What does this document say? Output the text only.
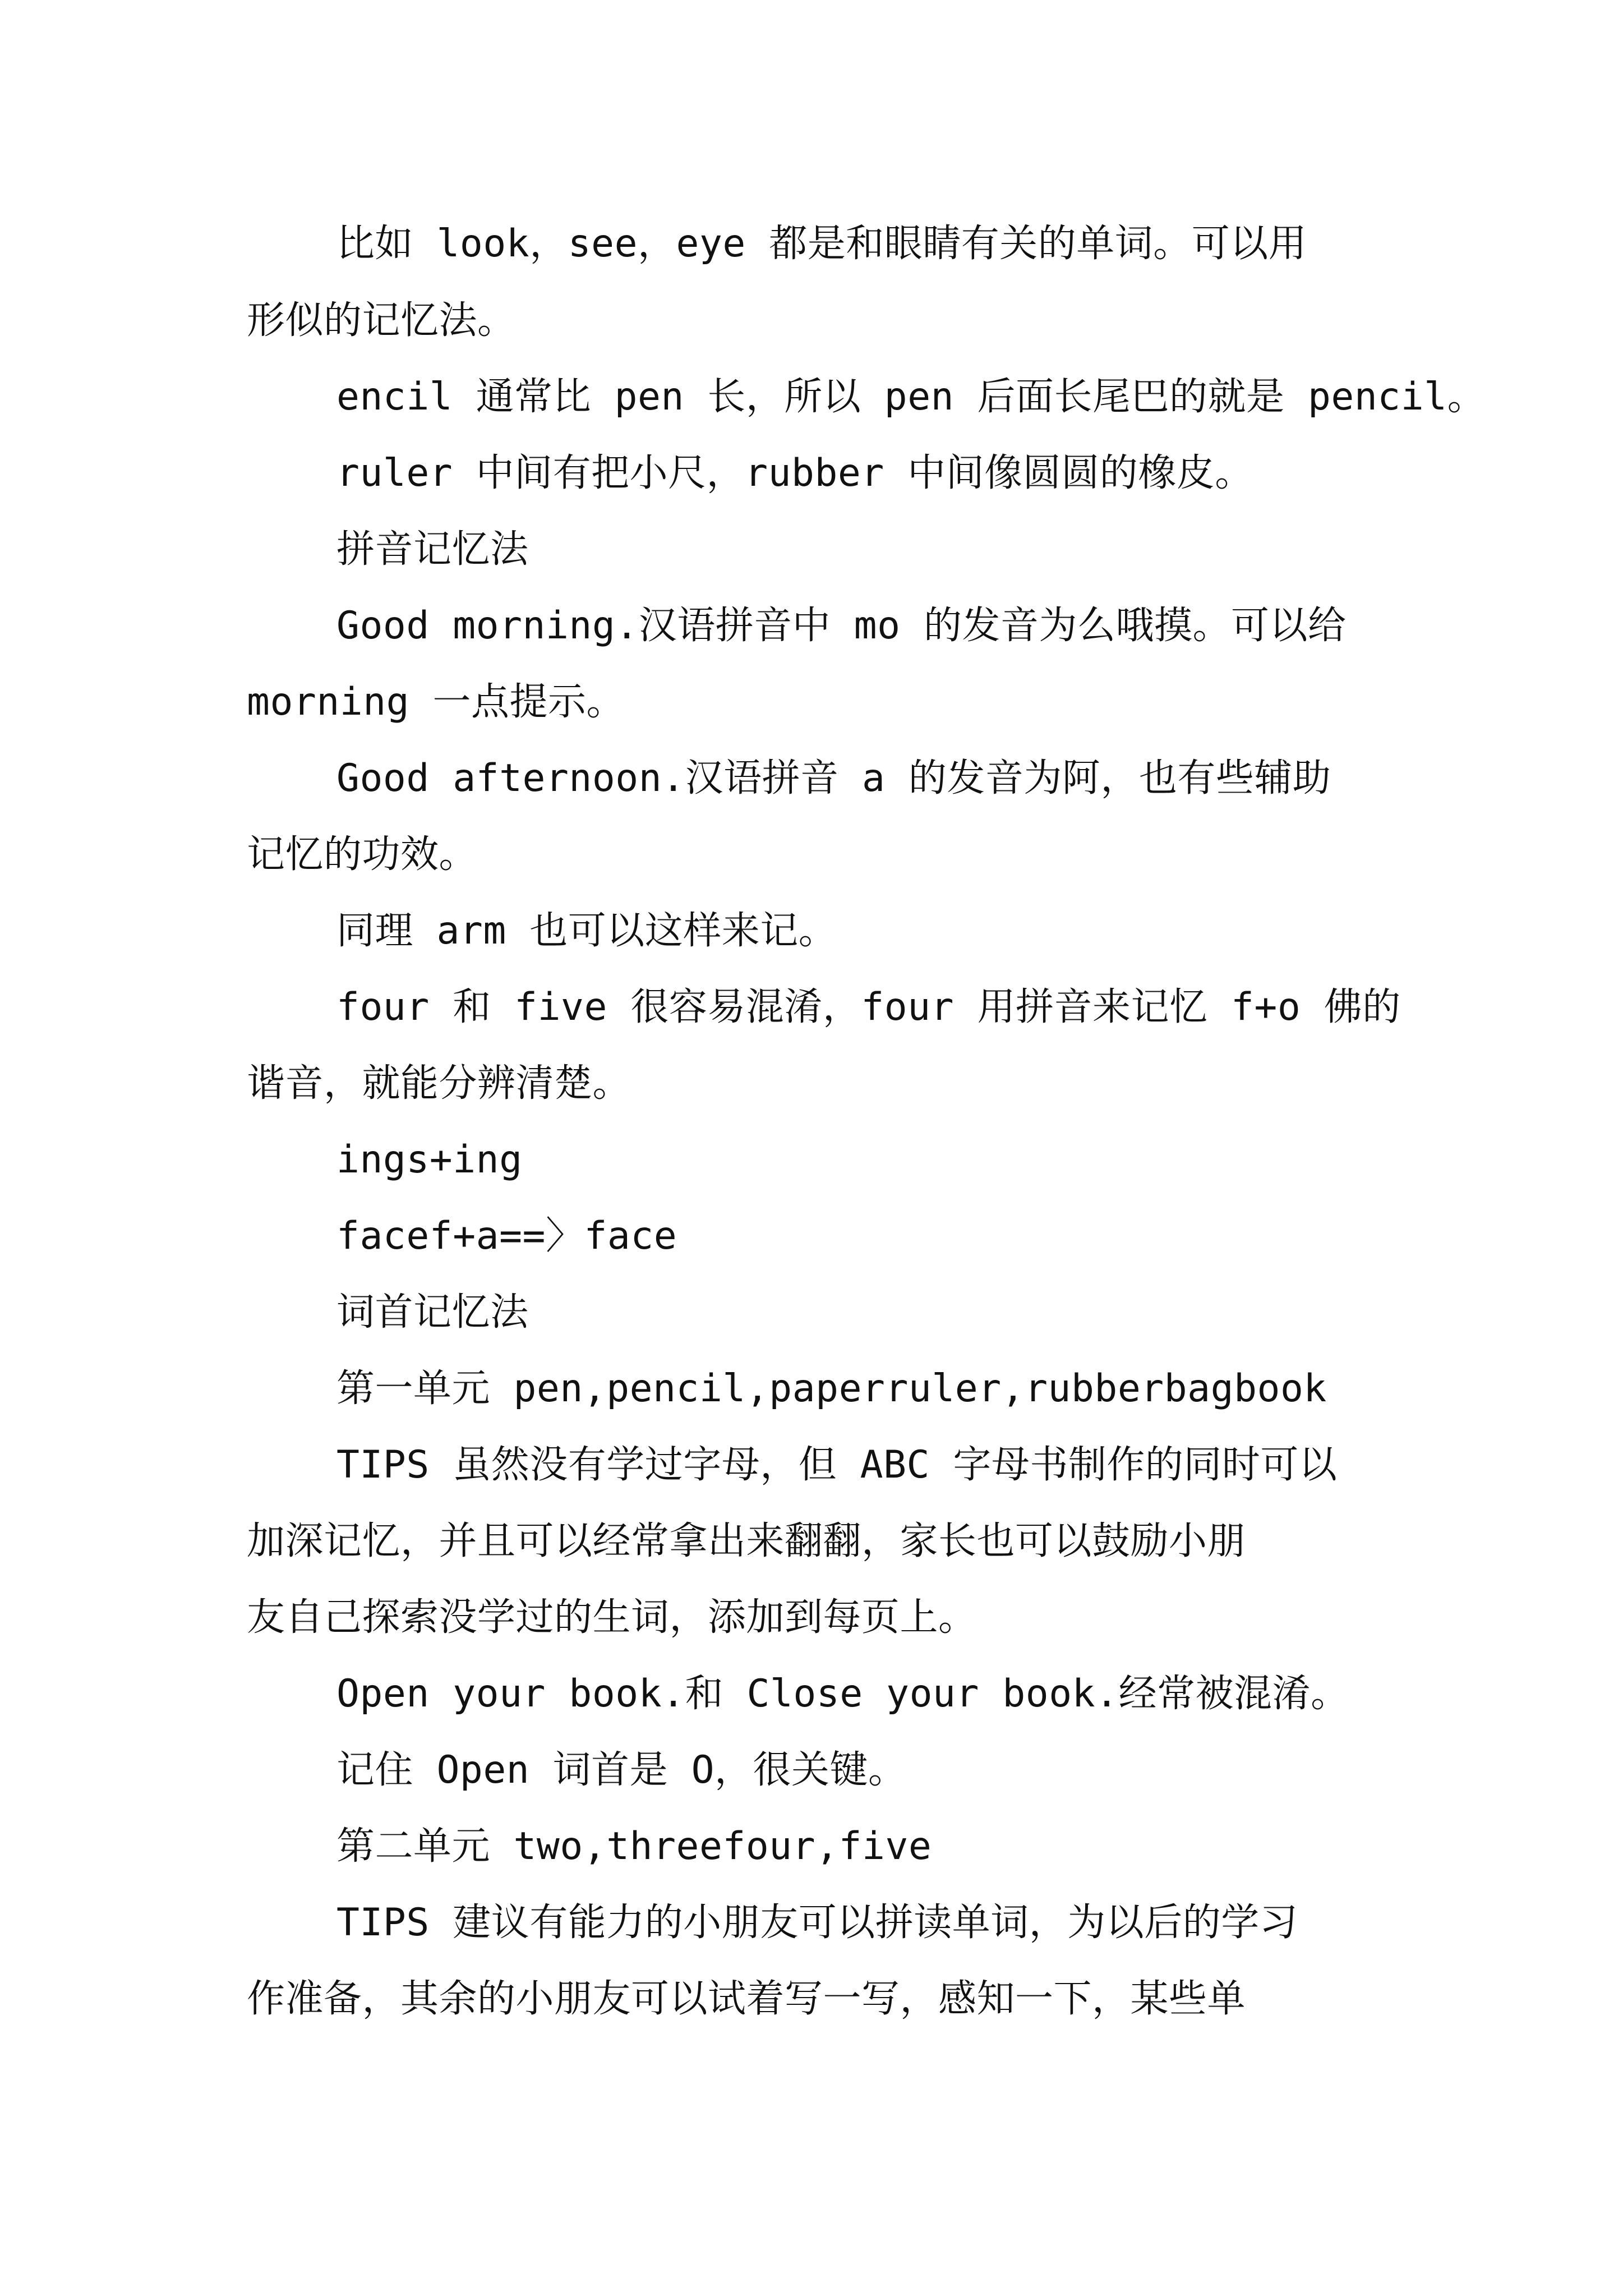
比如 look，see，eye 都是和眼睛有关的单词。可以用

形似的记忆法。

encil 通常比 pen 长，所以 pen 后面长尾巴的就是 pencil。

ruler 中间有把小尺，rubber 中间像圆圆的橡皮。

拼音记忆法

Good morning.汉语拼音中 mo 的发音为么哦摸。可以给

morning 一点提示。

Good afternoon.汉语拼音 a 的发音为阿，也有些辅助

记忆的功效。

同理 arm 也可以这样来记。

four 和 five 很容易混淆，four 用拼音来记忆 f+o 佛的

谐音，就能分辨清楚。

ings+ing

facef+a==〉face

词首记忆法

第一单元 pen,pencil,paperruler,rubberbagbook

TIPS 虽然没有学过字母，但 ABC 字母书制作的同时可以

加深记忆，并且可以经常拿出来翻翻，家长也可以鼓励小朋

友自己探索没学过的生词，添加到每页上。

Open your book.和 Close your book.经常被混淆。

记住 Open 词首是 O，很关键。

第二单元 two,threefour,five

TIPS 建议有能力的小朋友可以拼读单词，为以后的学习

作准备，其余的小朋友可以试着写一写，感知一下，某些单
